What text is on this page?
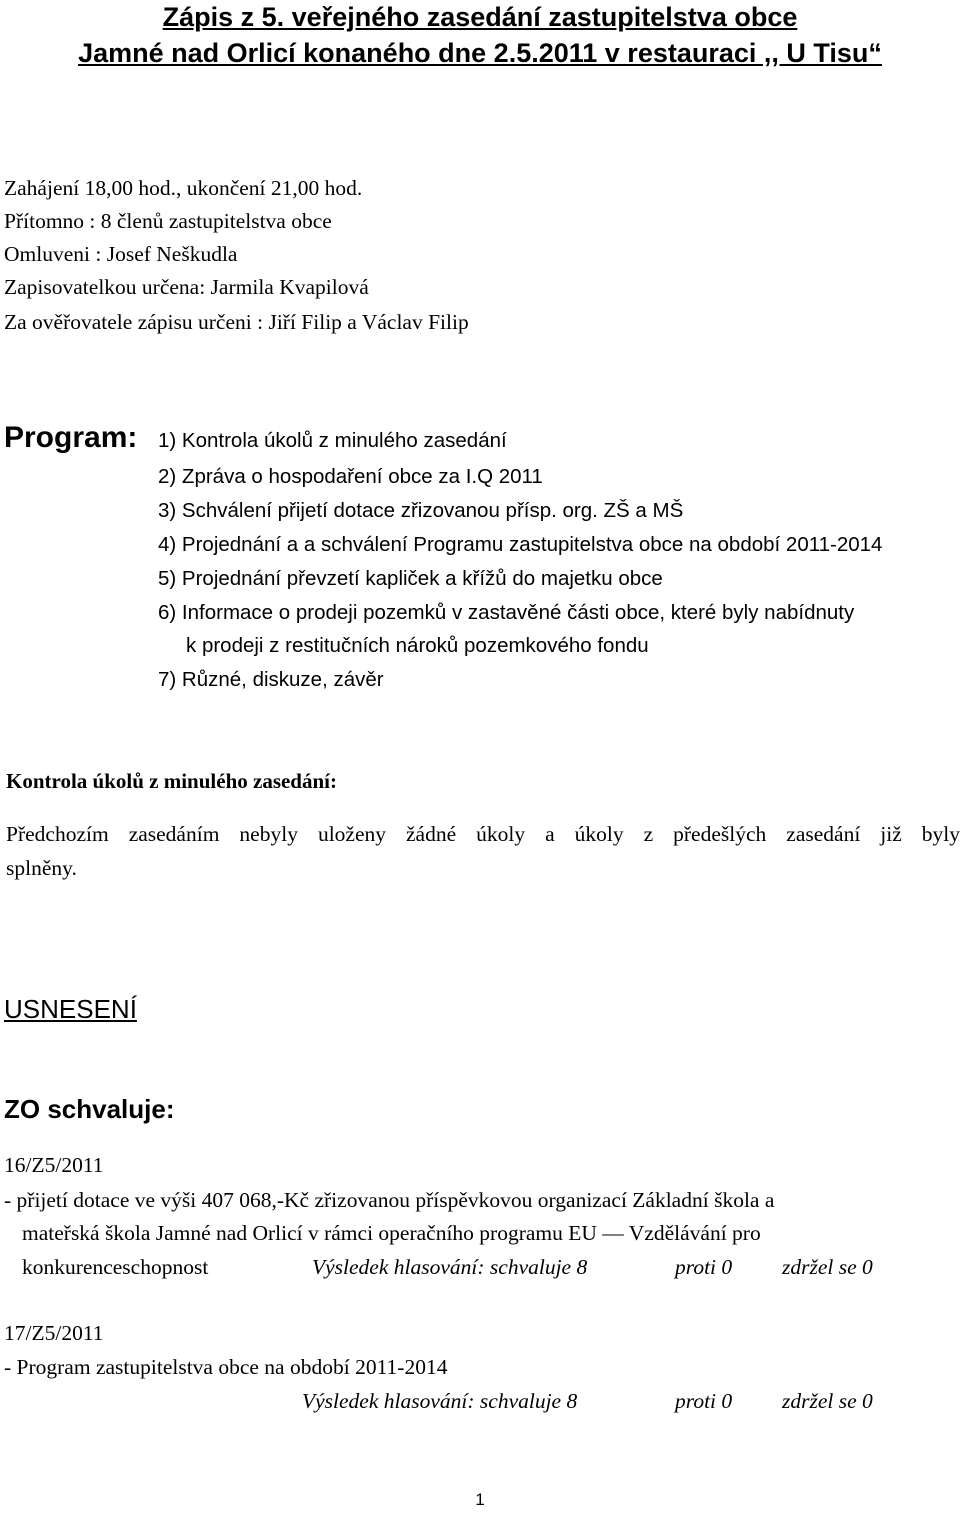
Zápis z 5. veřejného zasedání zastupitelstva obce
Jamné nad Orlicí konaného dne 2.5.2011 v restauraci ,, U Tisu“
Zahájení 18,00 hod., ukončení 21,00 hod.
Přítomno : 8 členů zastupitelstva obce
Omluveni : Josef Neškudla
Zapisovatelkou určena: Jarmila Kvapilová
Za ověřovatele zápisu určeni : Jiří Filip a Václav Filip
Program: 1) Kontrola úkolů z minulého zasedání
2) Zpráva o hospodaření obce za I.Q 2011
3) Schválení přijetí dotace zřizovanou přísp. org. ZŠ a MŠ
4) Projednání a a schválení Programu zastupitelstva obce na období 2011-2014
5) Projednání převzetí kapliček a křížů do majetku obce
6) Informace o prodeji pozemků v zastavěné části obce, které byly nabídnuty
k prodeji z restitučních nároků pozemkového fondu
7) Různé, diskuze, závěr
Kontrola úkolů z minulého zasedání:
Předchozím zasedáním nebyly uloženy žádné úkoly a úkoly z předešlých zasedání již byly
splněny.
USNESENÍ
ZO schvaluje:
16/Z5/2011
- přijetí dotace ve výši 407 068,-Kč zřizovanou příspěvkovou organizací Základní škola a
mateřská škola Jamné nad Orlicí v rámci operačního programu EU — Vzdělávání pro
konkurenceschopnost	Výsledek hlasování: schvaluje 8	proti 0 zdržel se 0
17/Z5/2011
- Program zastupitelstva obce na období 2011-2014
Výsledek hlasování: schvaluje 8	proti 0 zdržel se 0
1
